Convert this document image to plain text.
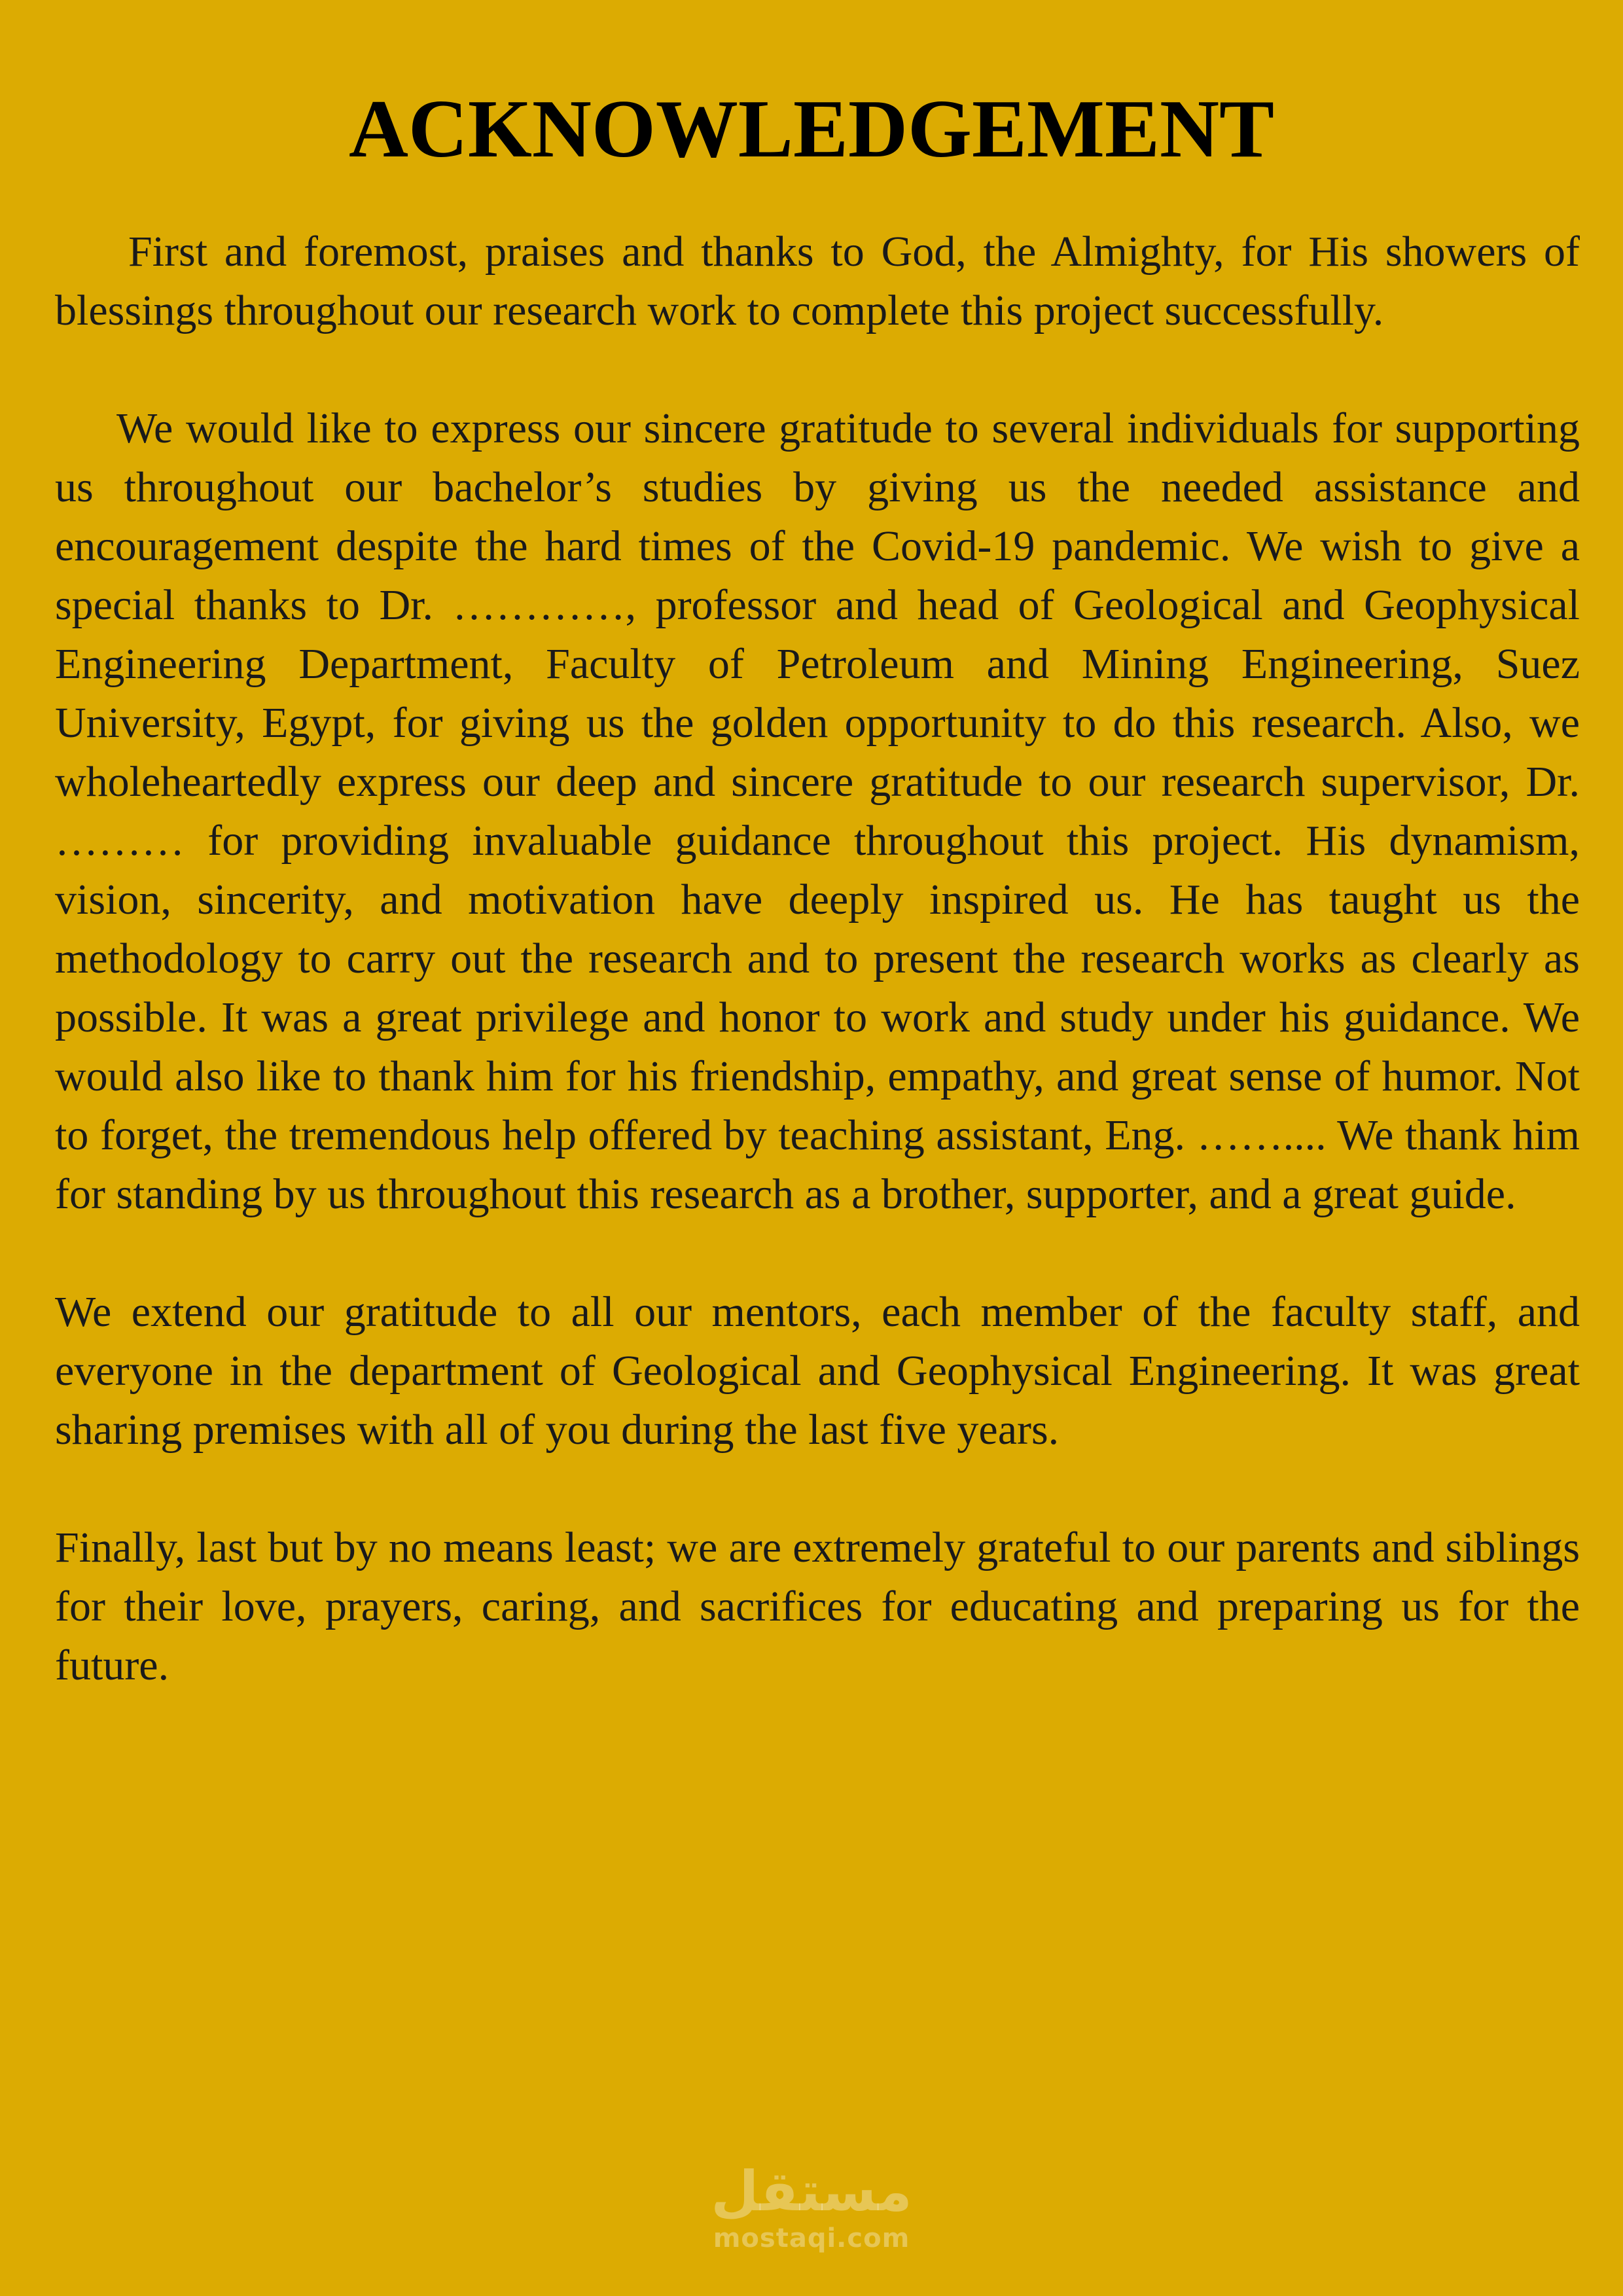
ACKNOWLEDGEMENT

First and foremost, praises and thanks to God, the Almighty, for His showers of blessings throughout our research work to complete this project successfully.

We would like to express our sincere gratitude to several individuals for supporting us throughout our bachelor’s studies by giving us the needed assistance and encouragement despite the hard times of the Covid-19 pandemic. We wish to give a special thanks to Dr. …………, professor and head of Geological and Geophysical Engineering Department, Faculty of Petroleum and Mining Engineering, Suez University, Egypt, for giving us the golden opportunity to do this research. Also, we wholeheartedly express our deep and sincere gratitude to our research supervisor, Dr. ……… for providing invaluable guidance throughout this project. His dynamism, vision, sincerity, and motivation have deeply inspired us. He has taught us the methodology to carry out the research and to present the research works as clearly as possible. It was a great privilege and honor to work and study under his guidance. We would also like to thank him for his friendship, empathy, and great sense of humor. Not to forget, the tremendous help offered by teaching assistant, Eng. …….... We thank him for standing by us throughout this research as a brother, supporter, and a great guide.

We extend our gratitude to all our mentors, each member of the faculty staff, and everyone in the department of Geological and Geophysical Engineering. It was great sharing premises with all of you during the last five years.

Finally, last but by no means least; we are extremely grateful to our parents and siblings for their love, prayers, caring, and sacrifices for educating and preparing us for the future.

مستقل
mostaqi.com
